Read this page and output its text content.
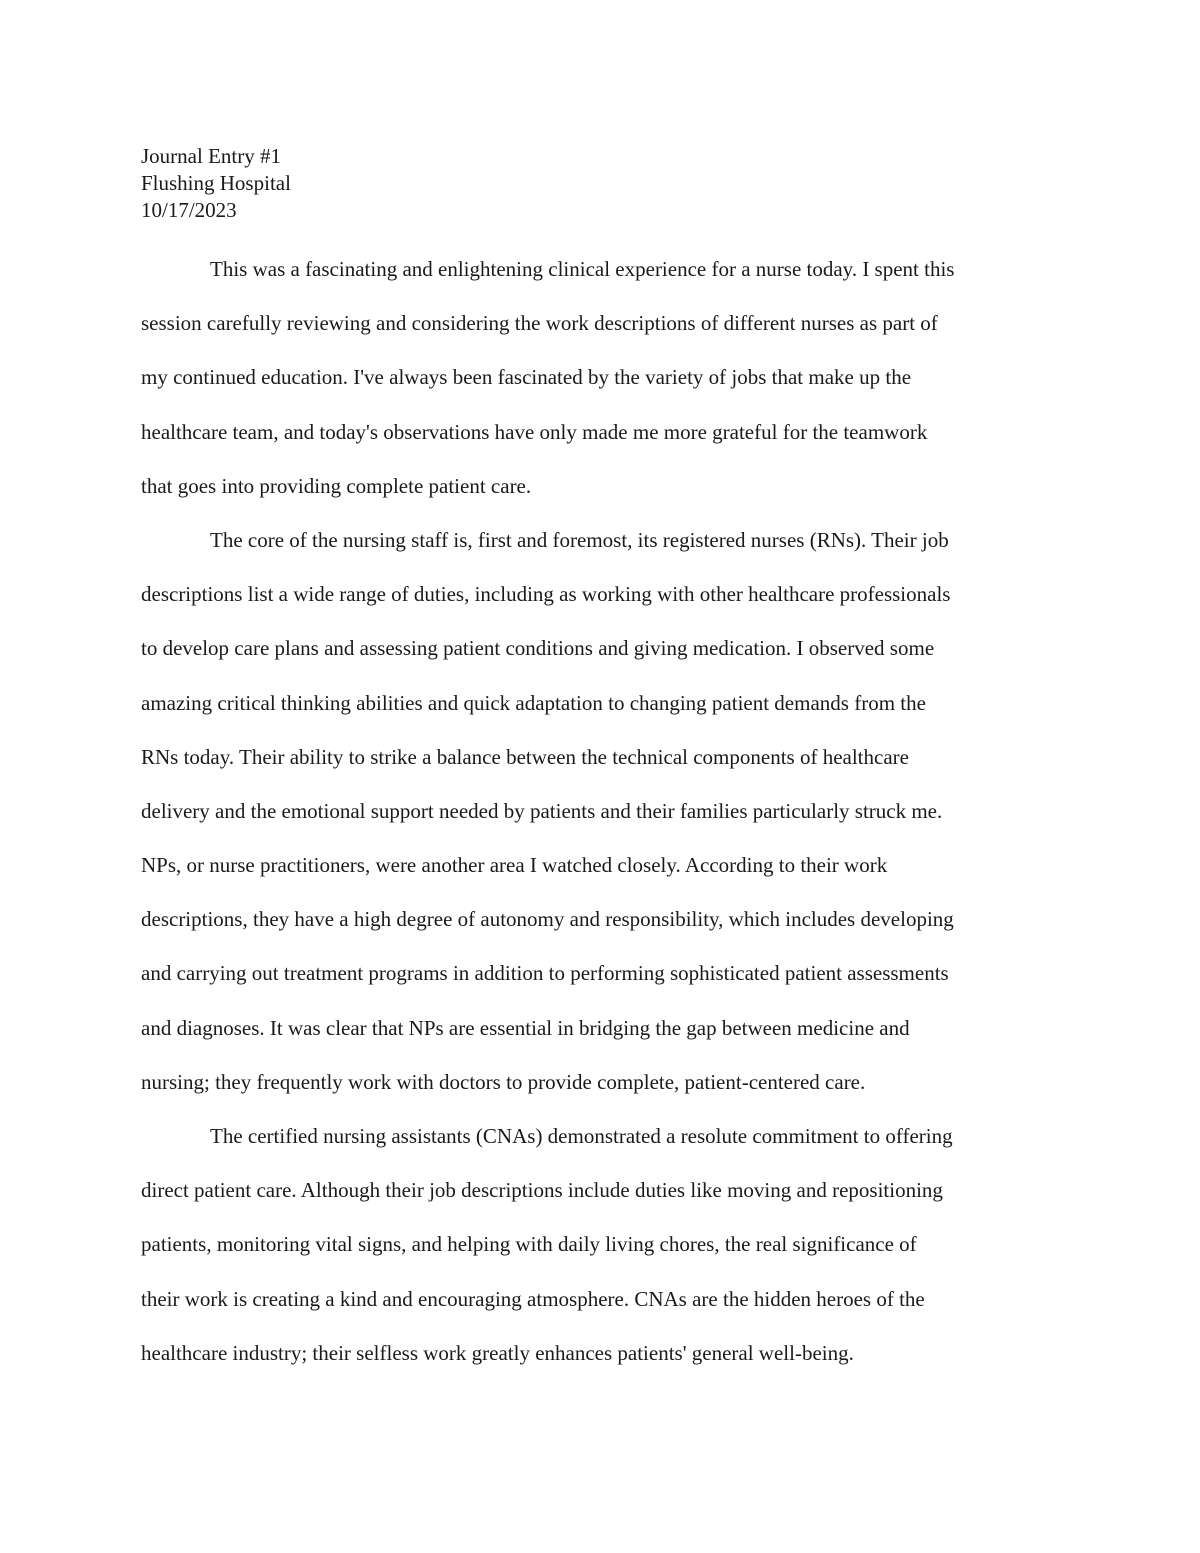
Journal Entry #1
Flushing Hospital
10/17/2023
This was a fascinating and enlightening clinical experience for a nurse today. I spent this
session carefully reviewing and considering the work descriptions of different nurses as part of
my continued education. I've always been fascinated by the variety of jobs that make up the
healthcare team, and today's observations have only made me more grateful for the teamwork
that goes into providing complete patient care.
The core of the nursing staff is, first and foremost, its registered nurses (RNs). Their job
descriptions list a wide range of duties, including as working with other healthcare professionals
to develop care plans and assessing patient conditions and giving medication. I observed some
amazing critical thinking abilities and quick adaptation to changing patient demands from the
RNs today. Their ability to strike a balance between the technical components of healthcare
delivery and the emotional support needed by patients and their families particularly struck me.
NPs, or nurse practitioners, were another area I watched closely. According to their work
descriptions, they have a high degree of autonomy and responsibility, which includes developing
and carrying out treatment programs in addition to performing sophisticated patient assessments
and diagnoses. It was clear that NPs are essential in bridging the gap between medicine and
nursing; they frequently work with doctors to provide complete, patient-centered care.
The certified nursing assistants (CNAs) demonstrated a resolute commitment to offering
direct patient care. Although their job descriptions include duties like moving and repositioning
patients, monitoring vital signs, and helping with daily living chores, the real significance of
their work is creating a kind and encouraging atmosphere. CNAs are the hidden heroes of the
healthcare industry; their selfless work greatly enhances patients' general well-being.
